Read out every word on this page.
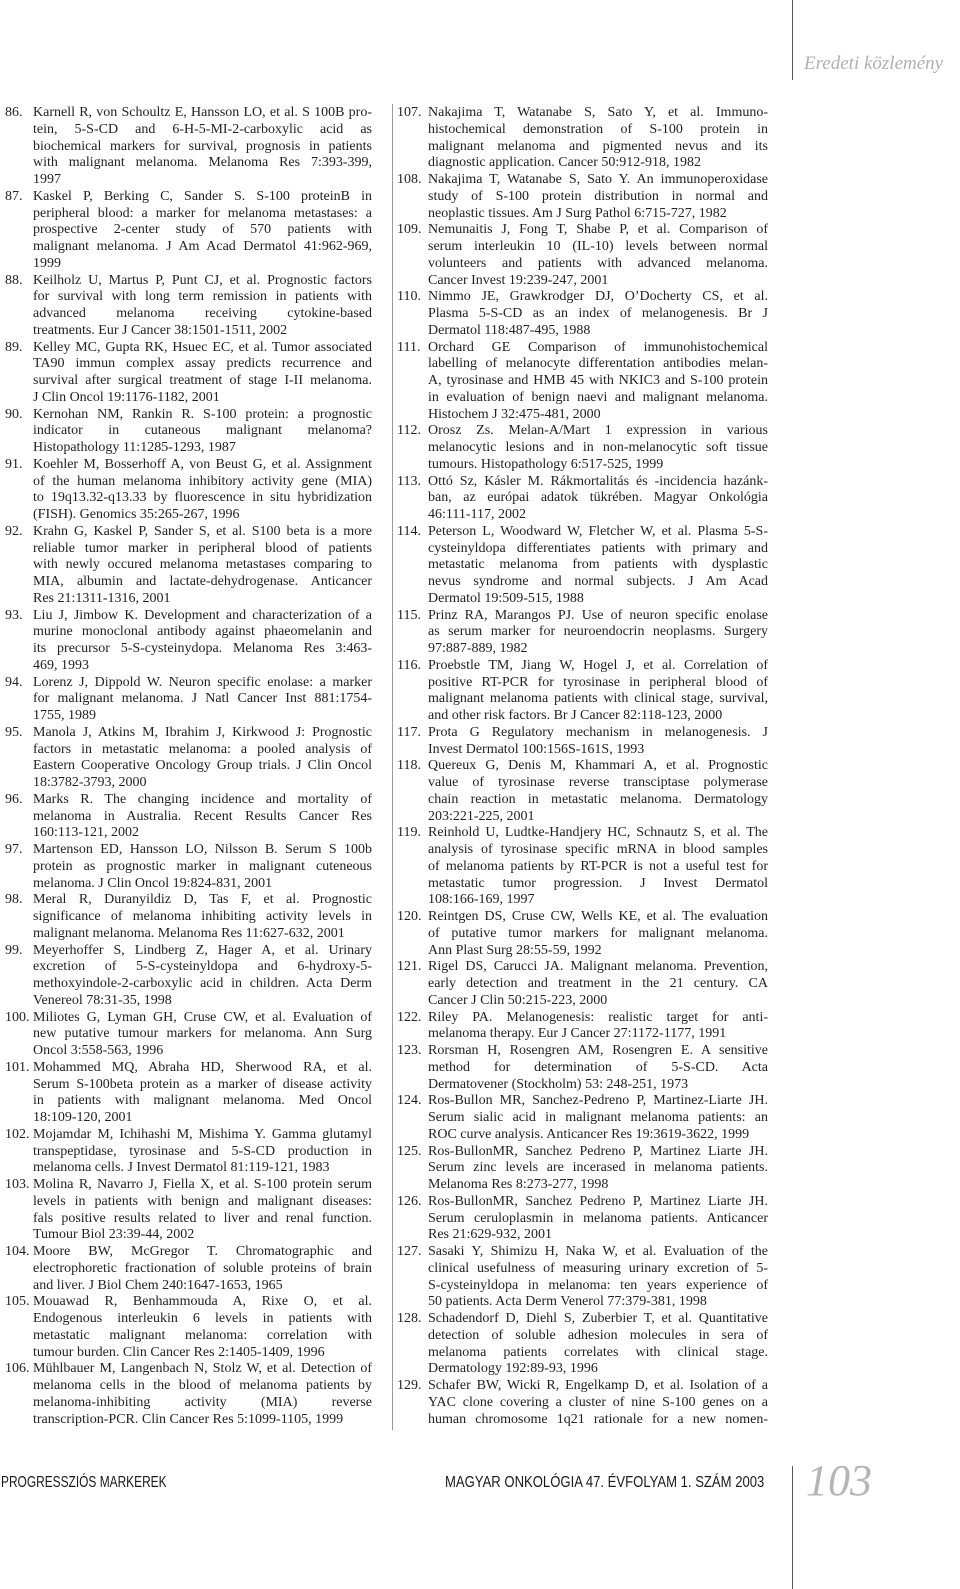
Eredeti közlemény
86. Karnell R, von Schoultz E, Hansson LO, et al. S 100B pro-
tein, 5-S-CD and 6-H-5-MI-2-carboxylic acid as
biochemical markers for survival, prognosis in patients
with malignant melanoma. Melanoma Res 7:393-399,
1997
87. Kaskel P, Berking C, Sander S. S-100 proteinB in
peripheral blood: a marker for melanoma metastases: a
prospective 2-center study of 570 patients with
malignant melanoma. J Am Acad Dermatol 41:962-969,
1999
88. Keilholz U, Martus P, Punt CJ, et al. Prognostic factors
for survival with long term remission in patients with
advanced melanoma receiving cytokine-based
treatments. Eur J Cancer 38:1501-1511, 2002
89. Kelley MC, Gupta RK, Hsuec EC, et al. Tumor associated
TA90 immun complex assay predicts recurrence and
survival after surgical treatment of stage I-II melanoma.
J Clin Oncol 19:1176-1182, 2001
90. Kernohan NM, Rankin R. S-100 protein: a prognostic
indicator in cutaneous malignant melanoma?
Histopathology 11:1285-1293, 1987
91. Koehler M, Bosserhoff A, von Beust G, et al. Assignment
of the human melanoma inhibitory activity gene (MIA)
to 19q13.32-q13.33 by fluorescence in situ hybridization
(FISH). Genomics 35:265-267, 1996
92. Krahn G, Kaskel P, Sander S, et al. S100 beta is a more
reliable tumor marker in peripheral blood of patients
with newly occured melanoma metastases comparing to
MIA, albumin and lactate-dehydrogenase. Anticancer
Res 21:1311-1316, 2001
93. Liu J, Jimbow K. Development and characterization of a
murine monoclonal antibody against phaeomelanin and
its precursor 5-S-cysteinydopa. Melanoma Res 3:463-
469, 1993
94. Lorenz J, Dippold W. Neuron specific enolase: a marker
for malignant melanoma. J Natl Cancer Inst 881:1754-
1755, 1989
95. Manola J, Atkins M, Ibrahim J, Kirkwood J: Prognostic
factors in metastatic melanoma: a pooled analysis of
Eastern Cooperative Oncology Group trials. J Clin Oncol
18:3782-3793, 2000
96. Marks R. The changing incidence and mortality of
melanoma in Australia. Recent Results Cancer Res
160:113-121, 2002
97. Martenson ED, Hansson LO, Nilsson B. Serum S 100b
protein as prognostic marker in malignant cuteneous
melanoma. J Clin Oncol 19:824-831, 2001
98. Meral R, Duranyildiz D, Tas F, et al. Prognostic
significance of melanoma inhibiting activity levels in
malignant melanoma. Melanoma Res 11:627-632, 2001
99. Meyerhoffer S, Lindberg Z, Hager A, et al. Urinary
excretion of 5-S-cysteinyldopa and 6-hydroxy-5-
methoxyindole-2-carboxylic acid in children. Acta Derm
Venereol 78:31-35, 1998
100. Miliotes G, Lyman GH, Cruse CW, et al. Evaluation of
new putative tumour markers for melanoma. Ann Surg
Oncol 3:558-563, 1996
101. Mohammed MQ, Abraha HD, Sherwood RA, et al.
Serum S-100beta protein as a marker of disease activity
in patients with malignant melanoma. Med Oncol
18:109-120, 2001
102. Mojamdar M, Ichihashi M, Mishima Y. Gamma glutamyl
transpeptidase, tyrosinase and 5-S-CD production in
melanoma cells. J Invest Dermatol 81:119-121, 1983
103. Molina R, Navarro J, Fiella X, et al. S-100 protein serum
levels in patients with benign and malignant diseases:
fals positive results related to liver and renal function.
Tumour Biol 23:39-44, 2002
104. Moore BW, McGregor T. Chromatographic and
electrophoretic fractionation of soluble proteins of brain
and liver. J Biol Chem 240:1647-1653, 1965
105. Mouawad R, Benhammouda A, Rixe O, et al.
Endogenous interleukin 6 levels in patients with
metastatic malignant melanoma: correlation with
tumour burden. Clin Cancer Res 2:1405-1409, 1996
106. Mühlbauer M, Langenbach N, Stolz W, et al. Detection of
melanoma cells in the blood of melanoma patients by
melanoma-inhibiting activity (MIA) reverse
transcription-PCR. Clin Cancer Res 5:1099-1105, 1999
107. Nakajima T, Watanabe S, Sato Y, et al. Immuno-
histochemical demonstration of S-100 protein in
malignant melanoma and pigmented nevus and its
diagnostic application. Cancer 50:912-918, 1982
108. Nakajima T, Watanabe S, Sato Y. An immunoperoxidase
study of S-100 protein distribution in normal and
neoplastic tissues. Am J Surg Pathol 6:715-727, 1982
109. Nemunaitis J, Fong T, Shabe P, et al. Comparison of
serum interleukin 10 (IL-10) levels between normal
volunteers and patients with advanced melanoma.
Cancer Invest 19:239-247, 2001
110. Nimmo JE, Grawkrodger DJ, O’Docherty CS, et al.
Plasma 5-S-CD as an index of melanogenesis. Br J
Dermatol 118:487-495, 1988
111. Orchard GE Comparison of immunohistochemical
labelling of melanocyte differentation antibodies melan-
A, tyrosinase and HMB 45 with NKIC3 and S-100 protein
in evaluation of benign naevi and malignant melanoma.
Histochem J 32:475-481, 2000
112. Orosz Zs. Melan-A/Mart 1 expression in various
melanocytic lesions and in non-melanocytic soft tissue
tumours. Histopathology 6:517-525, 1999
113. Ottó Sz, Kásler M. Rákmortalitás és -incidencia hazánk-
ban, az európai adatok tükrében. Magyar Onkológia
46:111-117, 2002
114. Peterson L, Woodward W, Fletcher W, et al. Plasma 5-S-
cysteinyldopa differentiates patients with primary and
metastatic melanoma from patients with dysplastic
nevus syndrome and normal subjects. J Am Acad
Dermatol 19:509-515, 1988
115. Prinz RA, Marangos PJ. Use of neuron specific enolase
as serum marker for neuroendocrin neoplasms. Surgery
97:887-889, 1982
116. Proebstle TM, Jiang W, Hogel J, et al. Correlation of
positive RT-PCR for tyrosinase in peripheral blood of
malignant melanoma patients with clinical stage, survival,
and other risk factors. Br J Cancer 82:118-123, 2000
117. Prota G Regulatory mechanism in melanogenesis. J
Invest Dermatol 100:156S-161S, 1993
118. Quereux G, Denis M, Khammari A, et al. Prognostic
value of tyrosinase reverse transciptase polymerase
chain reaction in metastatic melanoma. Dermatology
203:221-225, 2001
119. Reinhold U, Ludtke-Handjery HC, Schnautz S, et al. The
analysis of tyrosinase specific mRNA in blood samples
of melanoma patients by RT-PCR is not a useful test for
metastatic tumor progression. J Invest Dermatol
108:166-169, 1997
120. Reintgen DS, Cruse CW, Wells KE, et al. The evaluation
of putative tumor markers for malignant melanoma.
Ann Plast Surg 28:55-59, 1992
121. Rigel DS, Carucci JA. Malignant melanoma. Prevention,
early detection and treatment in the 21 century. CA
Cancer J Clin 50:215-223, 2000
122. Riley PA. Melanogenesis: realistic target for anti-
melanoma therapy. Eur J Cancer 27:1172-1177, 1991
123. Rorsman H, Rosengren AM, Rosengren E. A sensitive
method for determination of 5-S-CD. Acta
Dermatovener (Stockholm) 53: 248-251, 1973
124. Ros-Bullon MR, Sanchez-Pedreno P, Martinez-Liarte JH.
Serum sialic acid in malignant melanoma patients: an
ROC curve analysis. Anticancer Res 19:3619-3622, 1999
125. Ros-BullonMR, Sanchez Pedreno P, Martinez Liarte JH.
Serum zinc levels are incerased in melanoma patients.
Melanoma Res 8:273-277, 1998
126. Ros-BullonMR, Sanchez Pedreno P, Martinez Liarte JH.
Serum ceruloplasmin in melanoma patients. Anticancer
Res 21:629-932, 2001
127. Sasaki Y, Shimizu H, Naka W, et al. Evaluation of the
clinical usefulness of measuring urinary excretion of 5-
S-cysteinyldopa in melanoma: ten years experience of
50 patients. Acta Derm Venerol 77:379-381, 1998
128. Schadendorf D, Diehl S, Zuberbier T, et al. Quantitative
detection of soluble adhesion molecules in sera of
melanoma patients correlates with clinical stage.
Dermatology 192:89-93, 1996
129. Schafer BW, Wicki R, Engelkamp D, et al. Isolation of a
YAC clone covering a cluster of nine S-100 genes on a
human chromosome 1q21 rationale for a new nomen-
PROGRESSZIÓS MARKEREK	MAGYAR ONKOLÓGIA 47. ÉVFOLYAM 1. SZÁM 2003 103
